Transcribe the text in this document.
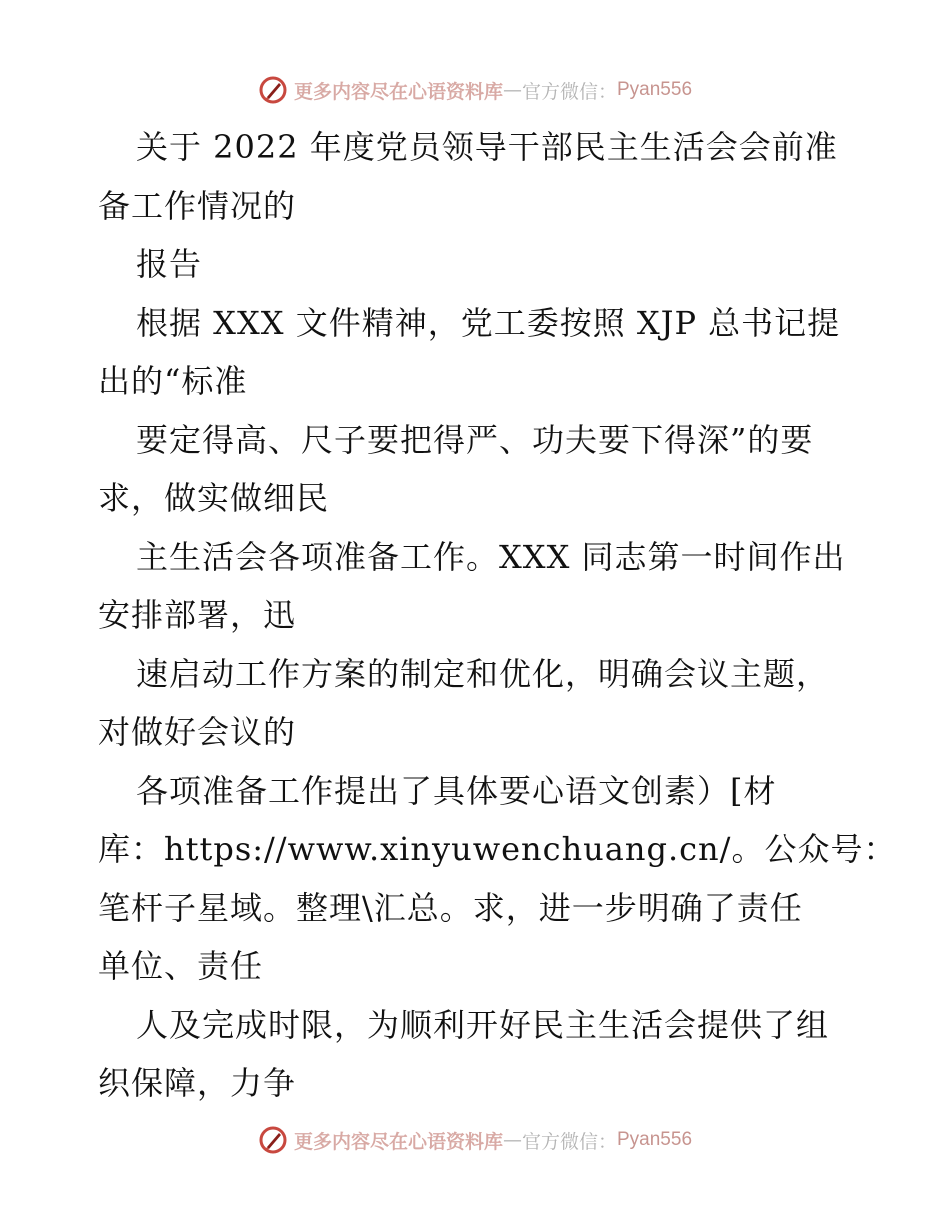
更多内容尽在心语资料库 — 官方微信： Pyan556
关于 2022 年度党员领导干部民主生活会会前准
备工作情况的
报告
根据 XXX 文件精神，党工委按照 XJP 总书记提
出的“标准
要定得高、尺子要把得严、功夫要下得深”的要
求，做实做细民
主生活会各项准备工作。XXX 同志第一时间作出
安排部署，迅
速启动工作方案的制定和优化，明确会议主题，
对做好会议的
各项准备工作提出了具体要心语文创素）[材
库：https://www.xinyuwenchuang.cn/。公众号：
笔杆子星域。整理\汇总。求，进一步明确了责任
单位、责任
人及完成时限，为顺利开好民主生活会提供了组
织保障，力争
更多内容尽在心语资料库 — 官方微信： Pyan556
